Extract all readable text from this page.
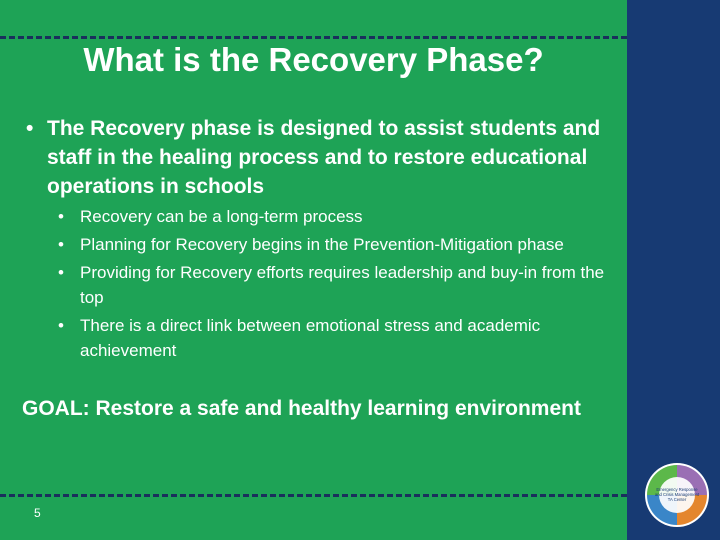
What is the Recovery Phase?
• The Recovery phase is designed to assist students and staff in the healing process and to restore educational operations in schools
• Recovery can be a long-term process
• Planning for Recovery begins in the Prevention-Mitigation phase
• Providing for Recovery efforts requires leadership and buy-in from the top
• There is a direct link between emotional stress and academic achievement
GOAL: Restore a safe and healthy learning environment
5
Emergency Response
and Crisis Management
TA Center
